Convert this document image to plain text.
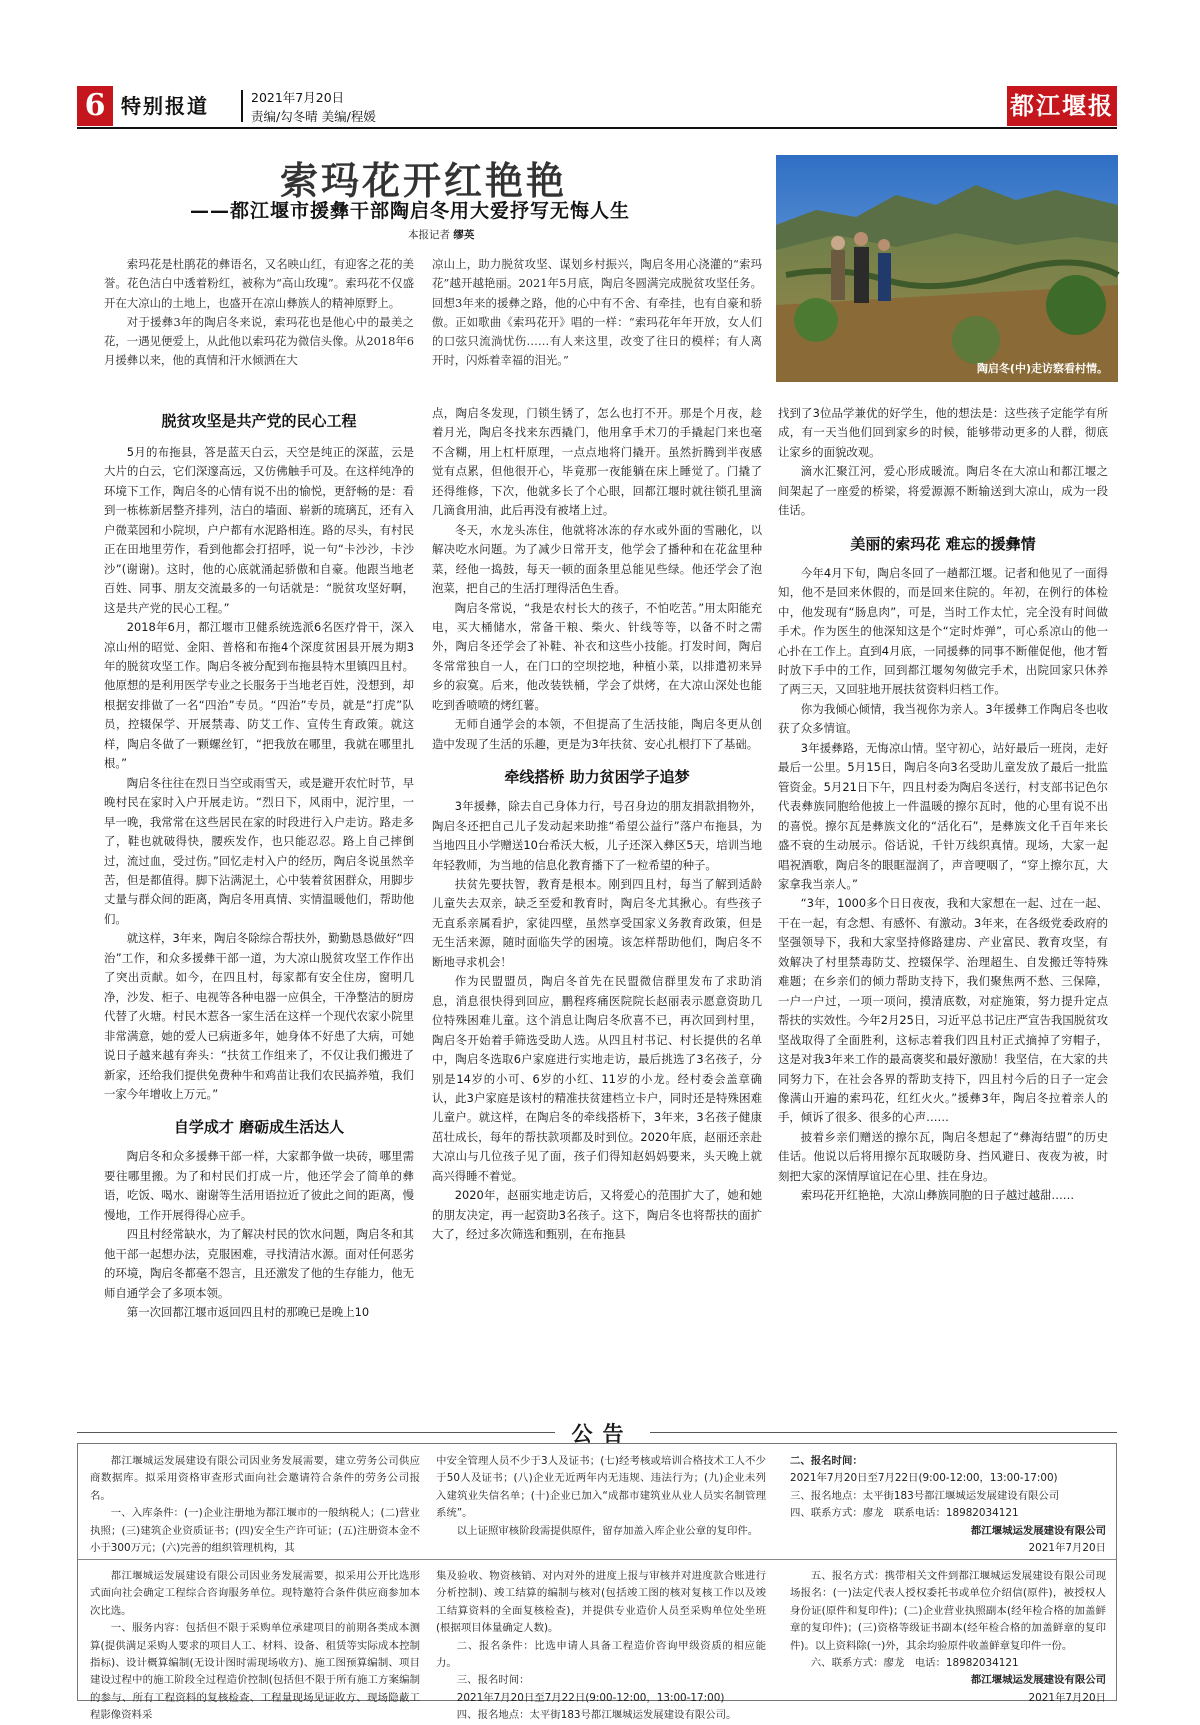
6 特别报道	2021年7月20日
责编/勾冬晴 美编/程媛	都江堰报
索玛花开红艳艳
——都江堰市援彝干部陶启冬用大爱抒写无悔人生
本报记者 缪英
陶启冬(中)走访察看村情。

索玛花是杜鹃花的彝语名，又名映山红，有迎客之花的美誉。花色洁白中透着粉红，被称为“高山玫瑰”。索玛花不仅盛开在大凉山的土地上，也盛开在凉山彝族人的精神原野上。

对于援彝3年的陶启冬来说，索玛花也是他心中的最美之花，一遇见便爱上，从此他以索玛花为微信头像。从2018年6月援彝以来，他的真情和汗水倾洒在大

凉山上，助力脱贫攻坚、谋划乡村振兴，陶启冬用心浇灌的“索玛花”越开越艳丽。2021年5月底，陶启冬圆满完成脱贫攻坚任务。回想3年来的援彝之路，他的心中有不舍、有牵挂，也有自豪和骄傲。正如歌曲《索玛花开》唱的一样：“索玛花年年开放，女人们的口弦只流淌忧伤……有人来这里，改变了往日的模样；有人离开时，闪烁着幸福的泪光。”

脱贫攻坚是共产党的民心工程

5月的布拖县，答是蓝天白云，天空是纯正的深蓝，云是大片的白云，它们深邃高远，又仿佛触手可及。在这样纯净的环境下工作，陶启冬的心情有说不出的愉悦，更舒畅的是：看到一栋栋新居整齐排列，洁白的墙面、崭新的琉璃瓦，还有入户微菜园和小院坝，户户都有水泥路相连。路的尽头，有村民正在田地里劳作，看到他都会打招呼，说一句“卡沙沙，卡沙沙”(谢谢)。这时，他的心底就涌起骄傲和自豪。他跟当地老百姓、同事、朋友交流最多的一句话就是：“脱贫攻坚好啊，这是共产党的民心工程。”

2018年6月，都江堰市卫健系统选派6名医疗骨干，深入凉山州的昭觉、金阳、普格和布拖4个深度贫困县开展为期3年的脱贫攻坚工作。陶启冬被分配到布拖县特木里镇四且村。他原想的是利用医学专业之长服务于当地老百姓，没想到，却根据安排做了一名“四治”专员。“四治”专员，就是“打虎”队员，控辍保学、开展禁毒、防艾工作、宣传生育政策。就这样，陶启冬做了一颗螺丝钉，“把我放在哪里，我就在哪里扎根。”

陶启冬往往在烈日当空或雨雪天，或是避开农忙时节，早晚村民在家时入户开展走访。“烈日下，风雨中，泥泞里，一早一晚，我常常在这些居民在家的时段进行入户走访。路走多了，鞋也就破得快，腰疾发作，也只能忍忍。路上自己摔倒过，流过血，受过伤。”回忆走村入户的经历，陶启冬说虽然辛苦，但是都值得。脚下沾满泥土，心中装着贫困群众，用脚步丈量与群众间的距离，陶启冬用真情、实情温暖他们，帮助他们。

就这样，3年来，陶启冬除综合帮扶外，勤勤恳恳做好“四治”工作，和众多援彝干部一道，为大凉山脱贫攻坚工作作出了突出贡献。如今，在四且村，每家都有安全住房，窗明几净，沙发、柜子、电视等各种电器一应俱全，干净整洁的厨房代替了火塘。村民木惹各一家生活在这样一个现代农家小院里非常满意，她的爱人已病逝多年，她身体不好患了大病，可她说日子越来越有奔头：“扶贫工作组来了，不仅让我们搬进了新家，还给我们提供免费种牛和鸡苗让我们农民搞养殖，我们一家今年增收上万元。”

自学成才 磨砺成生活达人

陶启冬和众多援彝干部一样，大家都争做一块砖，哪里需要往哪里搬。为了和村民们打成一片，他还学会了简单的彝语，吃饭、喝水、谢谢等生活用语拉近了彼此之间的距离，慢慢地，工作开展得得心应手。

四且村经常缺水，为了解决村民的饮水问题，陶启冬和其他干部一起想办法，克服困难，寻找清洁水源。面对任何恶劣的环境，陶启冬都毫不怨言，且还激发了他的生存能力，他无师自通学会了多项本领。

第一次回都江堰市返回四且村的那晚已是晚上10

点，陶启冬发现，门锁生锈了，怎么也打不开。那是个月夜，趁着月光，陶启冬找来东西撬门，他用拿手术刀的手撬起门来也毫不含糊，用上杠杆原理，一点点地将门撬开。虽然折腾到半夜感觉有点累，但他很开心，毕竟那一夜能躺在床上睡觉了。门撬了还得维修，下次，他就多长了个心眼，回都江堰时就往锁孔里滴几滴食用油，此后再没有被堵上过。

冬天，水龙头冻住，他就将冰冻的存水或外面的雪融化，以解决吃水问题。为了减少日常开支，他学会了播种和在花盆里种菜，经他一捣鼓，每天一顿的面条里总能见些绿。他还学会了泡泡菜，把自己的生活打理得活色生香。

陶启冬常说，“我是农村长大的孩子，不怕吃苦。”用太阳能充电，买大桶储水，常备干粮、柴火、针线等等，以备不时之需外，陶启冬还学会了补鞋、补衣和这些小技能。打发时间，陶启冬常常独自一人，在门口的空坝挖地，种植小菜，以排遣初来异乡的寂寞。后来，他改装铁桶，学会了烘烤，在大凉山深处也能吃到香喷喷的烤红薯。

无师自通学会的本领，不但提高了生活技能，陶启冬更从创造中发现了生活的乐趣，更是为3年扶贫、安心扎根打下了基础。

牵线搭桥 助力贫困学子追梦

3年援彝，除去自己身体力行，号召身边的朋友捐款捐物外，陶启冬还把自己儿子发动起来助推“希望公益行”落户布拖县，为当地四且小学赠送10台希沃大板，儿子还深入彝区5天，培训当地年轻教师，为当地的信息化教育播下了一粒希望的种子。

扶贫先要扶智，教育是根本。刚到四且村，每当了解到适龄儿童失去双亲，缺乏至爱和教育时，陶启冬尤其揪心。有些孩子无直系亲属看护，家徒四壁，虽然享受国家义务教育政策，但是无生活来源，随时面临失学的困境。该怎样帮助他们，陶启冬不断地寻求机会！

作为民盟盟员，陶启冬首先在民盟微信群里发布了求助消息，消息很快得到回应，鹏程疼痛医院院长赵丽表示愿意资助几位特殊困难儿童。这个消息让陶启冬欣喜不已，再次回到村里，陶启冬开始着手筛选受助人选。从四且村书记、村长提供的名单中，陶启冬选取6户家庭进行实地走访，最后挑选了3名孩子，分别是14岁的小可、6岁的小红、11岁的小龙。经村委会盖章确认，此3户家庭是该村的精准扶贫建档立卡户，同时还是特殊困难儿童户。就这样，在陶启冬的牵线搭桥下，3年来，3名孩子健康茁壮成长，每年的帮扶款项都及时到位。2020年底，赵丽还亲赴大凉山与几位孩子见了面，孩子们得知赵妈妈要来，头天晚上就高兴得睡不着觉。

2020年，赵丽实地走访后，又将爱心的范围扩大了，她和她的朋友决定，再一起资助3名孩子。这下，陶启冬也将帮扶的面扩大了，经过多次筛选和甄别，在布拖县

找到了3位品学兼优的好学生，他的想法是：这些孩子定能学有所成，有一天当他们回到家乡的时候，能够带动更多的人群，彻底让家乡的面貌改观。

滴水汇聚江河，爱心形成暖流。陶启冬在大凉山和都江堰之间架起了一座爱的桥梁，将爱源源不断输送到大凉山，成为一段佳话。

美丽的索玛花 难忘的援彝情

今年4月下旬，陶启冬回了一趟都江堰。记者和他见了一面得知，他不是回来休假的，而是回来住院的。年初，在例行的体检中，他发现有“肠息肉”，可是，当时工作太忙，完全没有时间做手术。作为医生的他深知这是个“定时炸弹”，可心系凉山的他一心扑在工作上。直到4月底，一同援彝的同事不断催促他，他才暂时放下手中的工作，回到都江堰匆匆做完手术，出院回家只休养了两三天，又回驻地开展扶贫资料归档工作。

你为我倾心倾情，我当视你为亲人。3年援彝工作陶启冬也收获了众多情谊。

3年援彝路，无悔凉山情。坚守初心，站好最后一班岗，走好最后一公里。5月15日，陶启冬向3名受助儿童发放了最后一批监管资金。5月21日下午，四且村委为陶启冬送行，村支部书记色尔代表彝族同胞给他披上一件温暖的擦尔瓦时，他的心里有说不出的喜悦。擦尔瓦是彝族文化的“活化石”，是彝族文化千百年来长盛不衰的生动展示。俗话说，千针万线织真情。现场，大家一起唱祝酒歌，陶启冬的眼眶湿润了，声音哽咽了，“穿上擦尔瓦，大家拿我当亲人。”

“3年，1000多个日日夜夜，我和大家想在一起、过在一起、干在一起，有念想、有感怀、有激动。3年来，在各级党委政府的坚强领导下，我和大家坚持修路建房、产业富民、教育攻坚，有效解决了村里禁毒防艾、控辍保学、治理超生、自发搬迁等特殊难题；在乡亲们的倾力帮助支持下，我们聚焦两不愁、三保障，一户一户过，一项一项问，摸清底数，对症施策，努力提升定点帮扶的实效性。今年2月25日，习近平总书记庄严宣告我国脱贫攻坚战取得了全面胜利，这标志着我们四且村正式摘掉了穷帽子，这是对我3年来工作的最高褒奖和最好激励！我坚信，在大家的共同努力下，在社会各界的帮助支持下，四且村今后的日子一定会像满山开遍的索玛花，红红火火。”援彝3年，陶启冬拉着亲人的手，倾诉了很多、很多的心声……

披着乡亲们赠送的擦尔瓦，陶启冬想起了“彝海结盟”的历史佳话。他说以后将用擦尔瓦取暖防身、挡风避日、夜夜为被，时刻把大家的深情厚谊记在心里、挂在身边。

索玛花开红艳艳，大凉山彝族同胞的日子越过越甜……

公告

都江堰城运发展建设有限公司因业务发展需要，建立劳务公司供应商数据库。拟采用资格审查形式面向社会邀请符合条件的劳务公司报名。

一、入库条件：(一)企业注册地为都江堰市的一般纳税人；(二)营业执照；(三)建筑企业资质证书；(四)安全生产许可证；(五)注册资本金不小于300万元；(六)完善的组织管理机构，其

中安全管理人员不少于3人及证书；(七)经考核或培训合格技术工人不少于50人及证书；(八)企业无近两年内无违规、违法行为；(九)企业未列入建筑业失信名单；(十)企业已加入“成都市建筑业从业人员实名制管理系统”。

以上证照审核阶段需提供原件，留存加盖入库企业公章的复印件。

二、报名时间：
2021年7月20日至7月22日(9:00-12:00，13:00-17:00)
三、报名地点：太平街183号都江堰城运发展建设有限公司
四、联系方式：廖龙　联系电话：18982034121
都江堰城运发展建设有限公司
2021年7月20日

都江堰城运发展建设有限公司因业务发展需要，拟采用公开比选形式面向社会确定工程综合咨询服务单位。现特邀符合条件供应商参加本次比选。

一、服务内容：包括但不限于采购单位承建项目的前期各类成本测算(提供满足采购人要求的项目人工、材料、设备、租赁等实际成本控制指标)、设计概算编制(无设计图时需现场收方)、施工图预算编制、项目建设过程中的施工阶段全过程造价控制(包括但不限于所有施工方案编制的参与、所有工程资料的复核检查、工程量现场见证收方、现场隐蔽工程影像资料采

集及验收、物资核销、对内对外的进度上报与审核并对进度款合账进行分析控制)、竣工结算的编制与核对(包括竣工图的核对复核工作以及竣工结算资料的全面复核检查)，并提供专业造价人员至采购单位处坐班(根据项目体量确定人数)。

二、报名条件：比选申请人具备工程造价咨询甲级资质的相应能力。

三、报名时间：

2021年7月20日至7月22日(9:00-12:00，13:00-17:00)

四、报名地点：太平街183号都江堰城运发展建设有限公司。

五、报名方式：携带相关文件到都江堰城运发展建设有限公司现场报名：(一)法定代表人授权委托书或单位介绍信(原件)，被授权人身份证(原件和复印件)；(二)企业营业执照副本(经年检合格的加盖鲜章的复印件)；(三)资格等级证书副本(经年检合格的加盖鲜章的复印件)。以上资料除(一)外，其余均验原件收盖鲜章复印件一份。

六、联系方式：廖龙　电话：18982034121

都江堰城运发展建设有限公司
2021年7月20日
